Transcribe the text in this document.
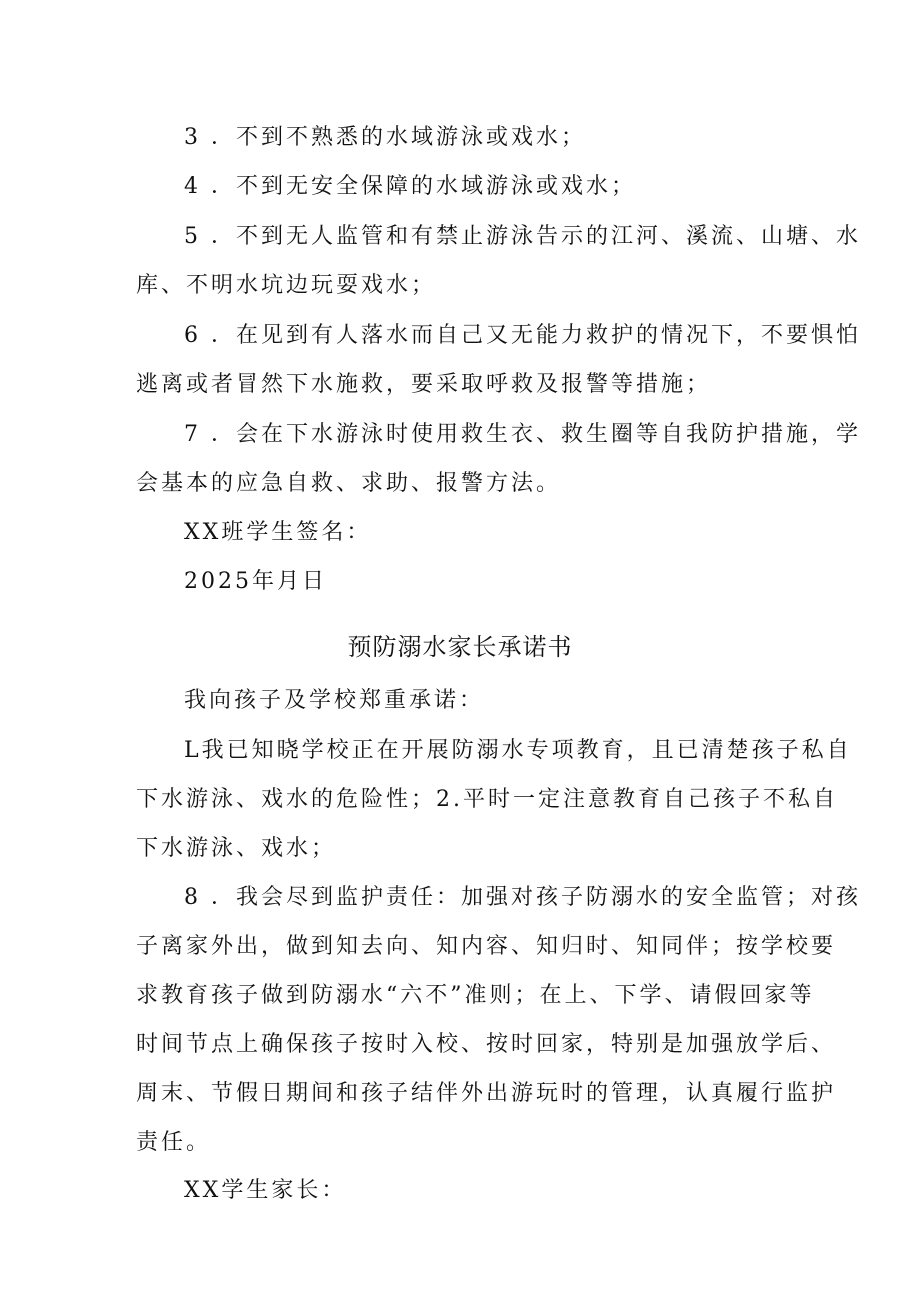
3 ．不到不熟悉的水域游泳或戏水；
4 ．不到无安全保障的水域游泳或戏水；
5 ．不到无人监管和有禁止游泳告示的江河、溪流、山塘、水
库、不明水坑边玩耍戏水；
6 ．在见到有人落水而自己又无能力救护的情况下，不要惧怕
逃离或者冒然下水施救，要采取呼救及报警等措施；
7 ．会在下水游泳时使用救生衣、救生圈等自我防护措施，学
会基本的应急自救、求助、报警方法。
XX班学生签名：
2025年月日
预防溺水家长承诺书
我向孩子及学校郑重承诺：
L我已知晓学校正在开展防溺水专项教育，且已清楚孩子私自
下水游泳、戏水的危险性；2.平时一定注意教育自己孩子不私自
下水游泳、戏水；
8 ．我会尽到监护责任：加强对孩子防溺水的安全监管；对孩
子离家外出，做到知去向、知内容、知归时、知同伴；按学校要
求教育孩子做到防溺水“六不”准则；在上、下学、请假回家等
时间节点上确保孩子按时入校、按时回家，特别是加强放学后、
周末、节假日期间和孩子结伴外出游玩时的管理，认真履行监护
责任。
XX学生家长：
